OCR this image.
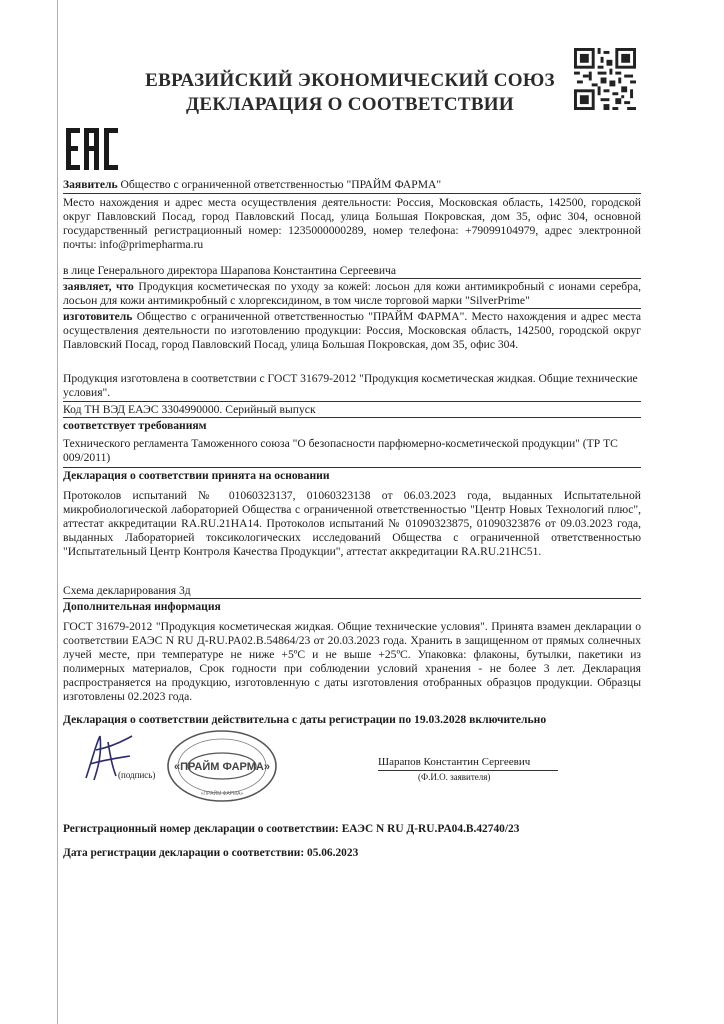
ЕВРАЗИЙСКИЙ ЭКОНОМИЧЕСКИЙ СОЮЗ
ДЕКЛАРАЦИЯ О СООТВЕТСТВИИ
Заявитель Общество с ограниченной ответственностью "ПРАЙМ ФАРМА"
Место нахождения и адрес места осуществления деятельности: Россия, Московская область, 142500, городской округ Павловский Посад, город Павловский Посад, улица Большая Покровская, дом 35, офис 304, основной государственный регистрационный номер: 1235000000289, номер телефона: +79099104979, адрес электронной почты: info@primepharma.ru
в лице Генерального директора Шарапова Константина Сергеевича
заявляет, что Продукция косметическая по уходу за кожей: лосьон для кожи антимикробный с ионами серебра, лосьон для кожи антимикробный с хлоргексидином, в том числе торговой марки "SilverPrime"
изготовитель Общество с ограниченной ответственностью "ПРАЙМ ФАРМА". Место нахождения и адрес места осуществления деятельности по изготовлению продукции: Россия, Московская область, 142500, городской округ Павловский Посад, город Павловский Посад, улица Большая Покровская, дом 35, офис 304.
Продукция изготовлена в соответствии с ГОСТ 31679-2012 "Продукция косметическая жидкая. Общие технические условия".
Код ТН ВЭД ЕАЭС 3304990000. Серийный выпуск
соответствует требованиям
Технического регламента Таможенного союза "О безопасности парфюмерно-косметической продукции" (ТР ТС 009/2011)
Декларация о соответствии принята на основании
Протоколов испытаний № 01060323137, 01060323138 от 06.03.2023 года, выданных Испытательной микробиологической лабораторией Общества с ограниченной ответственностью "Центр Новых Технологий плюс", аттестат аккредитации RA.RU.21НА14. Протоколов испытаний № 01090323875, 01090323876 от 09.03.2023 года, выданных Лабораторией токсикологических исследований Общества с ограниченной ответственностью "Испытательный Центр Контроля Качества Продукции", аттестат аккредитации RA.RU.21НС51.
Схема декларирования 3д
Дополнительная информация
ГОСТ 31679-2012 "Продукция косметическая жидкая. Общие технические условия". Принята взамен декларации о соответствии ЕАЭС N RU Д-RU.PA02.B.54864/23 от 20.03.2023 года. Хранить в защищенном от прямых солнечных лучей месте, при температуре не ниже +5ºС и не выше +25ºС. Упаковка: флаконы, бутылки, пакетики из полимерных материалов, Срок годности при соблюдении условий хранения - не более 3 лет. Декларация распространяется на продукцию, изготовленную с даты изготовления отобранных образцов продукции. Образцы изготовлены 02.2023 года.
Декларация о соответствии действительна с даты регистрации по 19.03.2028 включительно
(подпись)
«ПРАЙМ ФАРМА»
«ПРАЙМ ФАРМА»
Шарапов Константин Сергеевич
(Ф.И.О. заявителя)
Регистрационный номер декларации о соответствии: ЕАЭС N RU Д-RU.PA04.B.42740/23
Дата регистрации декларации о соответствии: 05.06.2023
